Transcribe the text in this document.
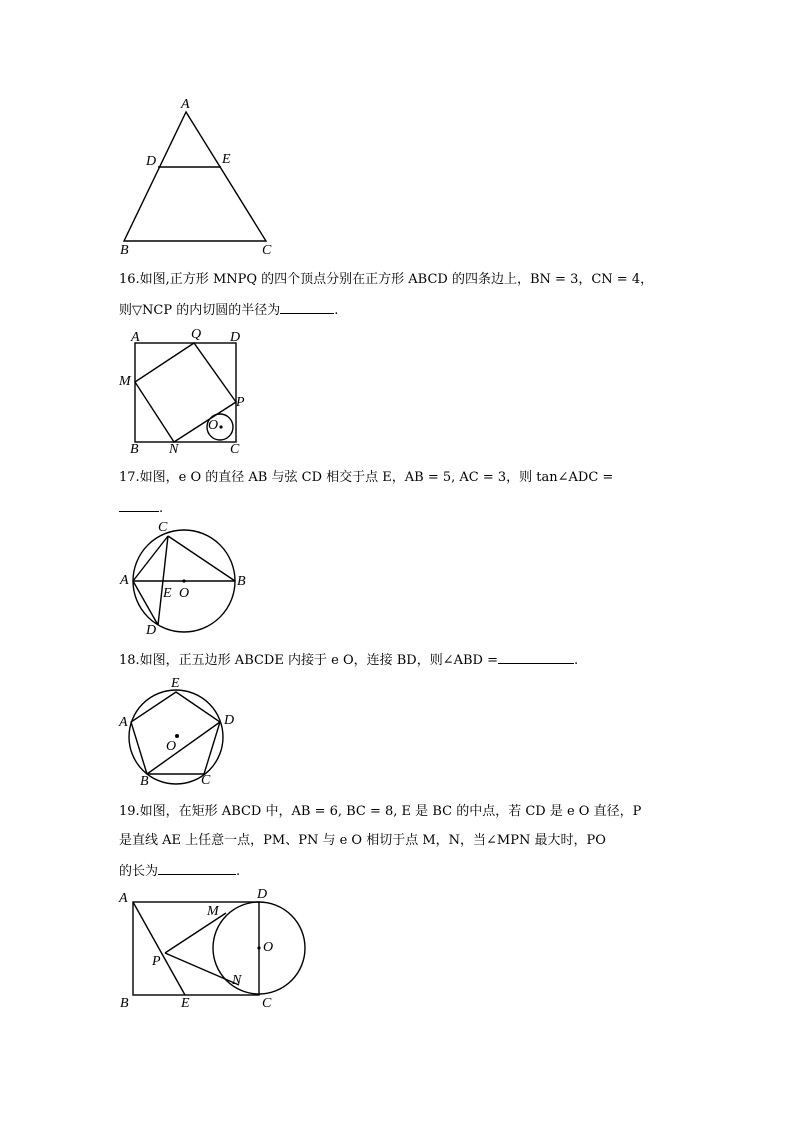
A
D	E
B	C
16.如图,正方形 MNPQ 的四个顶点分别在正方形 ABCD 的四条边上，BN = 3，CN = 4，
则▽NCP 的内切圆的半径为	.
A	Q D
M
P
O
B N	C
17.如图，e O 的直径 AB 与弦 CD 相交于点 E，AB = 5, AC = 3，则 tan∠ADC =
.
C
A	B
E O
D
18.如图，正五边形 ABCDE 内接于 e O，连接 BD，则∠ABD =	.
E
A	D
O
B	C
19.如图，在矩形 ABCD 中，AB = 6, BC = 8, E 是 BC 的中点，若 CD 是 e O 直径，P
是直线 AE 上任意一点，PM、PN 与 e O 相切于点 M，N，当∠MPN 最大时，PO
的长为	.
A	D
M
O
P
N
B	E	C
